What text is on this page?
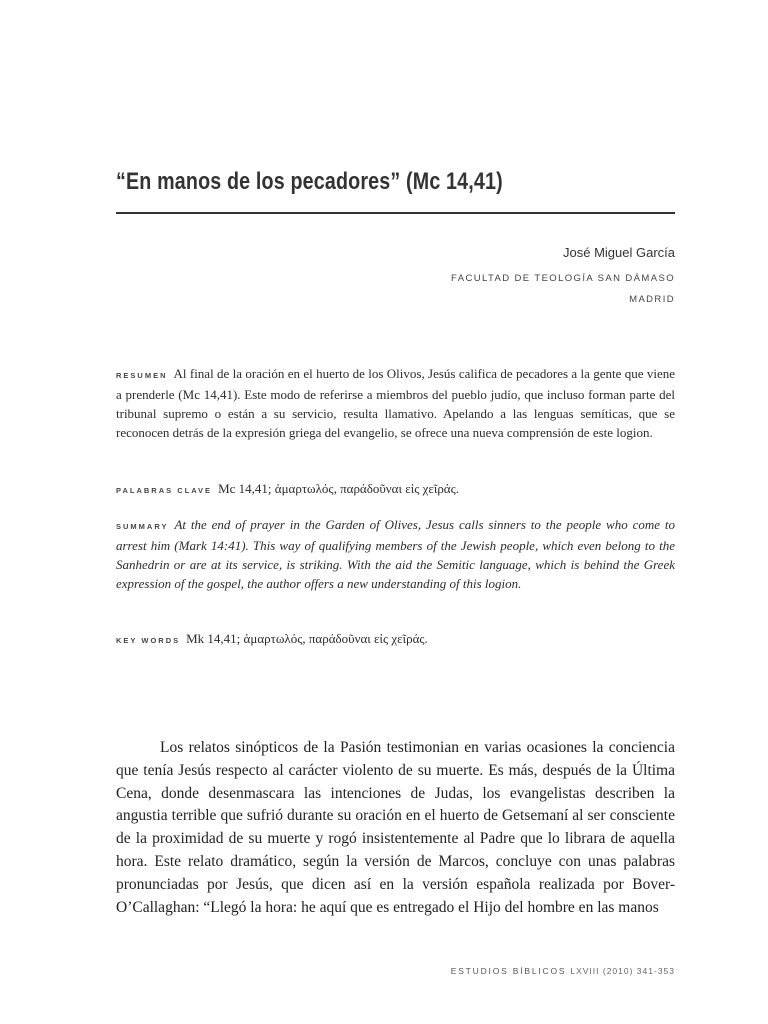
“En manos de los pecadores” (Mc 14,41)
José Miguel García
FACULTAD DE TEOLOGÍA SAN DÁMASO
MADRID
RESUMEN Al final de la oración en el huerto de los Olivos, Jesús califica de pecadores a la gente que viene a prenderle (Mc 14,41). Este modo de referirse a miembros del pueblo judío, que incluso forman parte del tribunal supremo o están a su servicio, resulta llamativo. Apelando a las lenguas semíticas, que se reconocen detrás de la expresión griega del evangelio, se ofrece una nueva comprensión de este logion.
PALABRAS CLAVE Mc 14,41; ἁμαρτωλός, παράδοῦναι εἰς χεῖράς.
SUMMARY At the end of prayer in the Garden of Olives, Jesus calls sinners to the people who come to arrest him (Mark 14:41). This way of qualifying members of the Jewish people, which even belong to the Sanhedrin or are at its service, is striking. With the aid the Semitic language, which is behind the Greek expression of the gospel, the author offers a new understanding of this logion.
KEY WORDS Mk 14,41; ἁμαρτωλός, παράδοῦναι εἰς χεῖράς.
Los relatos sinópticos de la Pasión testimonian en varias ocasiones la conciencia que tenía Jesús respecto al carácter violento de su muerte. Es más, después de la Última Cena, donde desenmascara las intenciones de Judas, los evangelistas describen la angustia terrible que sufrió durante su oración en el huerto de Getsemaní al ser consciente de la proximidad de su muerte y rogó insistentemente al Padre que lo librara de aquella hora. Este relato dramático, según la versión de Marcos, concluye con unas palabras pronunciadas por Jesús, que dicen así en la versión española realizada por Bover-O’Callaghan: “Llegó la hora: he aquí que es entregado el Hijo del hombre en las manos
ESTUDIOS BÍBLICOS LXVIII (2010) 341-353
